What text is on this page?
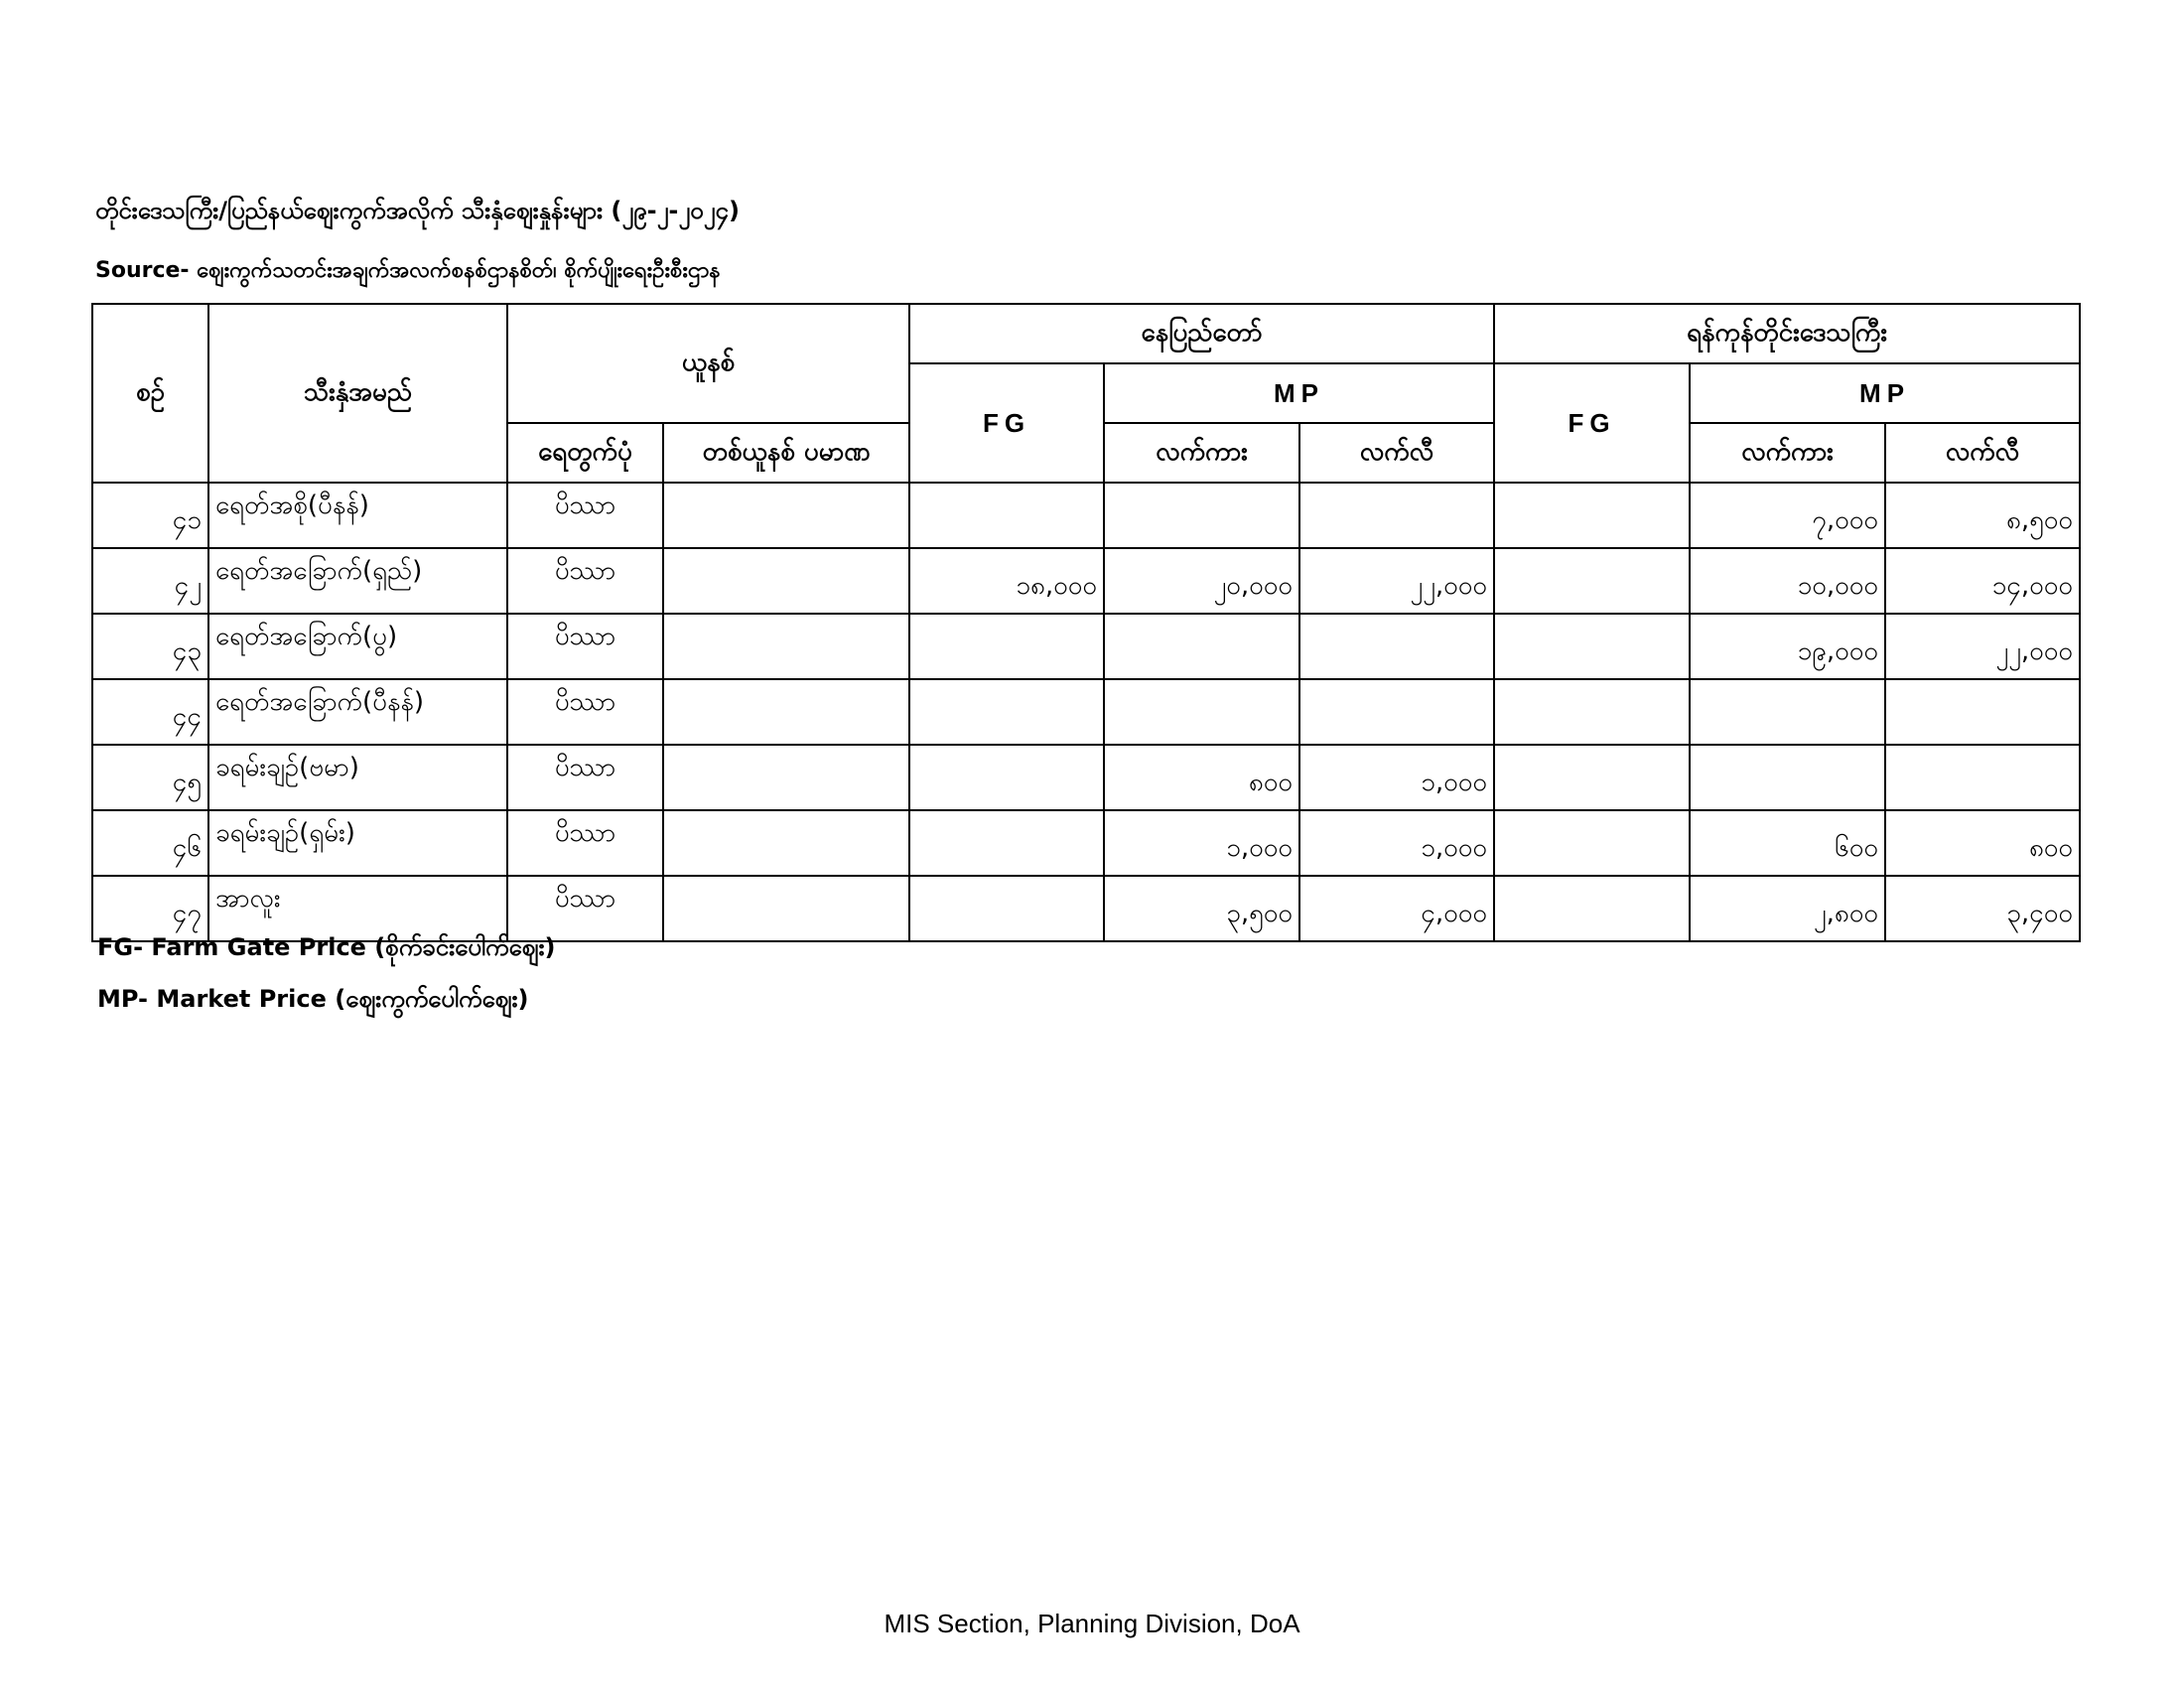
တိုင်းဒေသကြီး/ပြည်နယ်ဈေးကွက်အလိုက် သီးနှံဈေးနှုန်းများ (၂၉-၂-၂၀၂၄)
Source- ဈေးကွက်သတင်းအချက်အလက်စနစ်ဌာနစိတ်၊ စိုက်ပျိုးရေးဦးစီးဌာန
စဉ်	သီးနှံအမည်	ယူနစ်		နေပြည်တော်			ရန်ကုန်တိုင်းဒေသကြီး		
				FG	MP		FG	MP	
		ရေတွက်ပုံ	တစ်ယူနစ် ပမာဏ		လက်ကား	လက်လီ		လက်ကား	လက်လီ
၄၁	ရေတ်အစို(ပီနန်)	ပိဿာ						၇,၀၀၀	၈,၅၀၀
၄၂	ရေတ်အခြောက်(ရှည်)	ပိဿာ		၁၈,၀၀၀	၂၀,၀၀၀	၂၂,၀၀၀		၁၀,၀၀၀	၁၄,၀၀၀
၄၃	ရေတ်အခြောက်(ပွ)	ပိဿာ						၁၉,၀၀၀	၂၂,၀၀၀
၄၄	ရေတ်အခြောက်(ပီနန်)	ပိဿာ							
၄၅	ခရမ်းချဉ်(ဗမာ)	ပိဿာ			၈၀၀	၁,၀၀၀			
၄၆	ခရမ်းချဉ်(ရှမ်း)	ပိဿာ			၁,၀၀၀	၁,၀၀၀		၆၀၀	၈၀၀
၄၇	အာလူး	ပိဿာ			၃,၅၀၀	၄,၀၀၀		၂,၈၀၀	၃,၄၀၀
FG- Farm Gate Price (စိုက်ခင်းပေါက်ဈေး)
MP- Market Price (ဈေးကွက်ပေါက်ဈေး)
MIS Section, Planning Division, DoA
